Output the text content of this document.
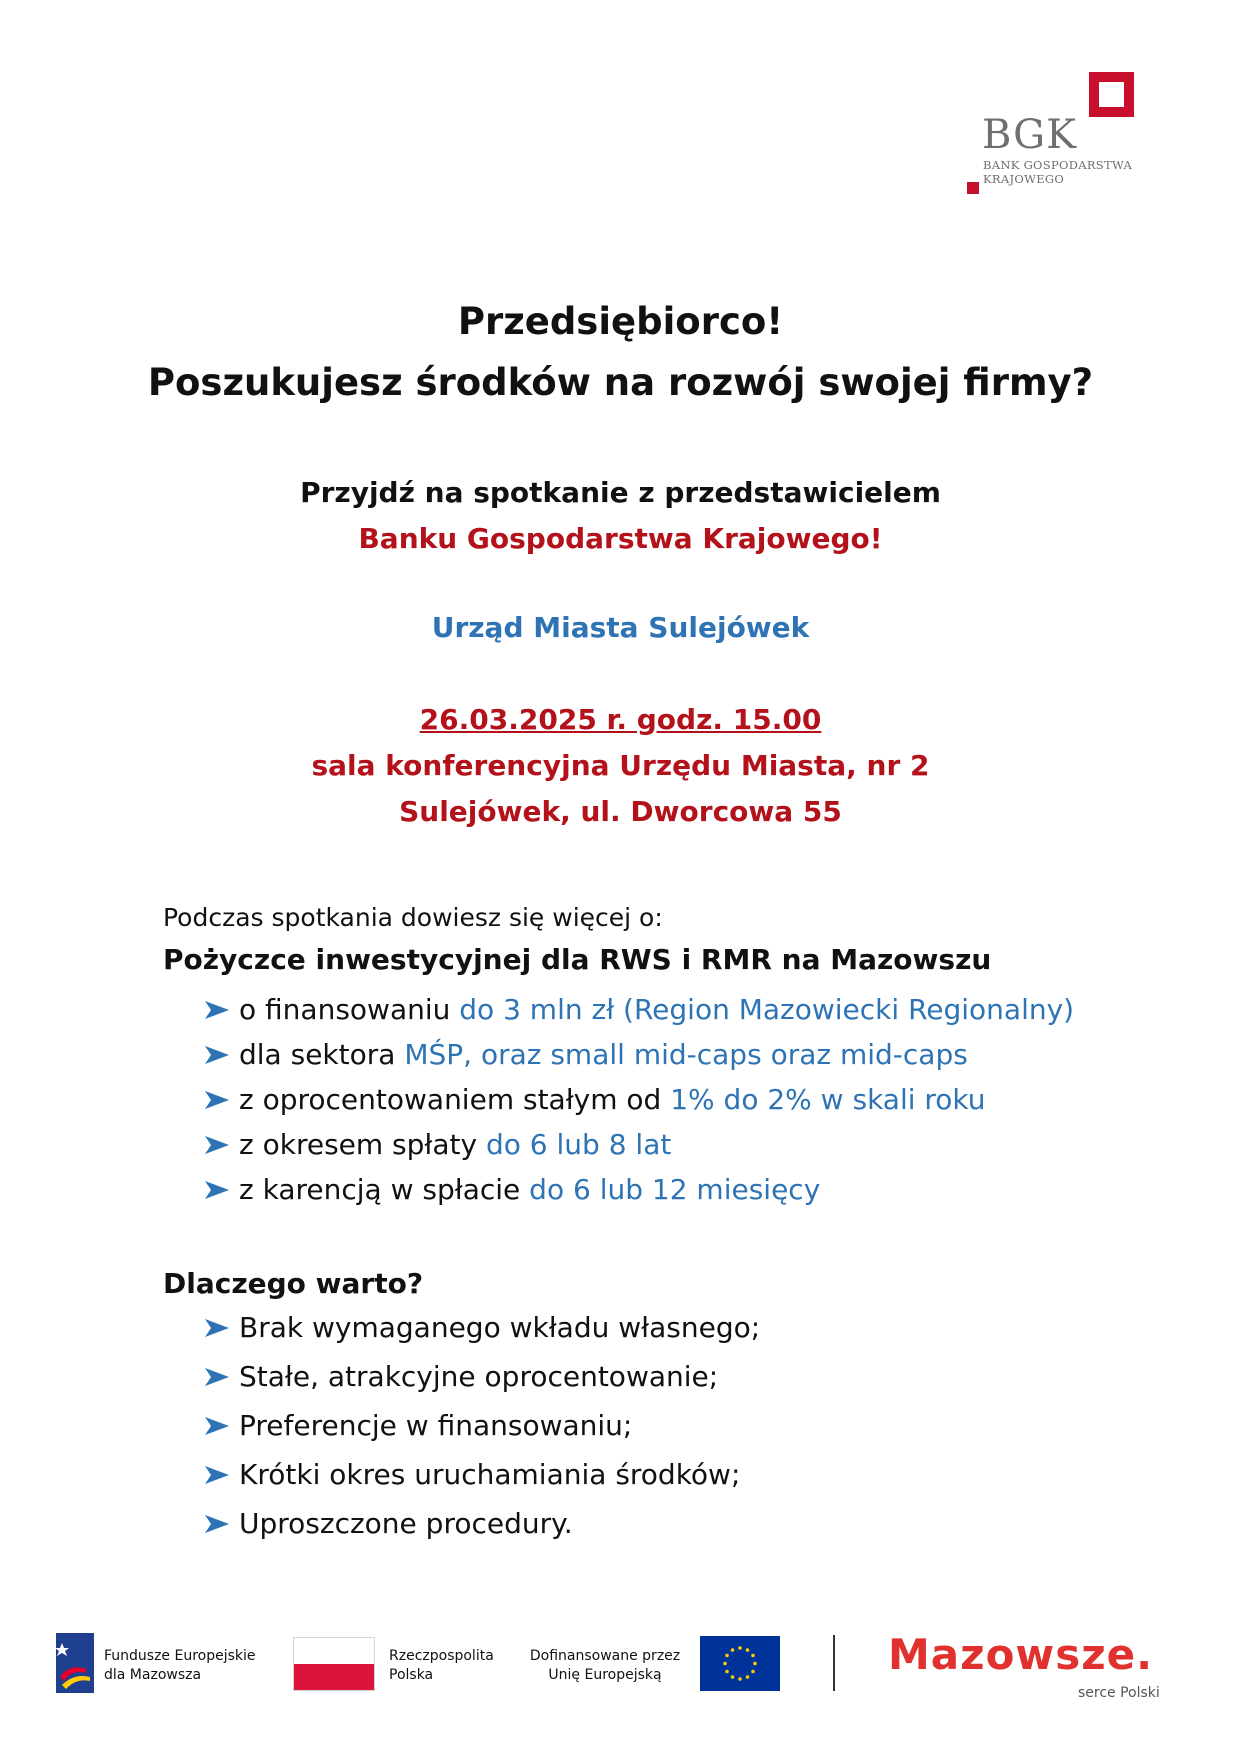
BGK
BANK GOSPODARSTWA
KRAJOWEGO
Przedsiębiorco!
Poszukujesz środków na rozwój swojej firmy?
Przyjdź na spotkanie z przedstawicielem
Banku Gospodarstwa Krajowego!
Urząd Miasta Sulejówek
26.03.2025 r. godz. 15.00
sala konferencyjna Urzędu Miasta, nr 2
Sulejówek, ul. Dworcowa 55
Podczas spotkania dowiesz się więcej o:
Pożyczce inwestycyjnej dla RWS i RMR na Mazowszu
o finansowaniu do 3 mln zł (Region Mazowiecki Regionalny)
dla sektora MŚP, oraz small mid-caps oraz mid-caps
z oprocentowaniem stałym od 1% do 2% w skali roku
z okresem spłaty do 6 lub 8 lat
z karencją w spłacie do 6 lub 12 miesięcy
Dlaczego warto?
Brak wymaganego wkładu własnego;
Stałe, atrakcyjne oprocentowanie;
Preferencje w finansowaniu;
Krótki okres uruchamiania środków;
Uproszczone procedury.
Fundusze Europejskie
dla Mazowsza
Rzeczpospolita
Polska
Dofinansowane przez
Unię Europejską	Mazowsze.
serce Polski
